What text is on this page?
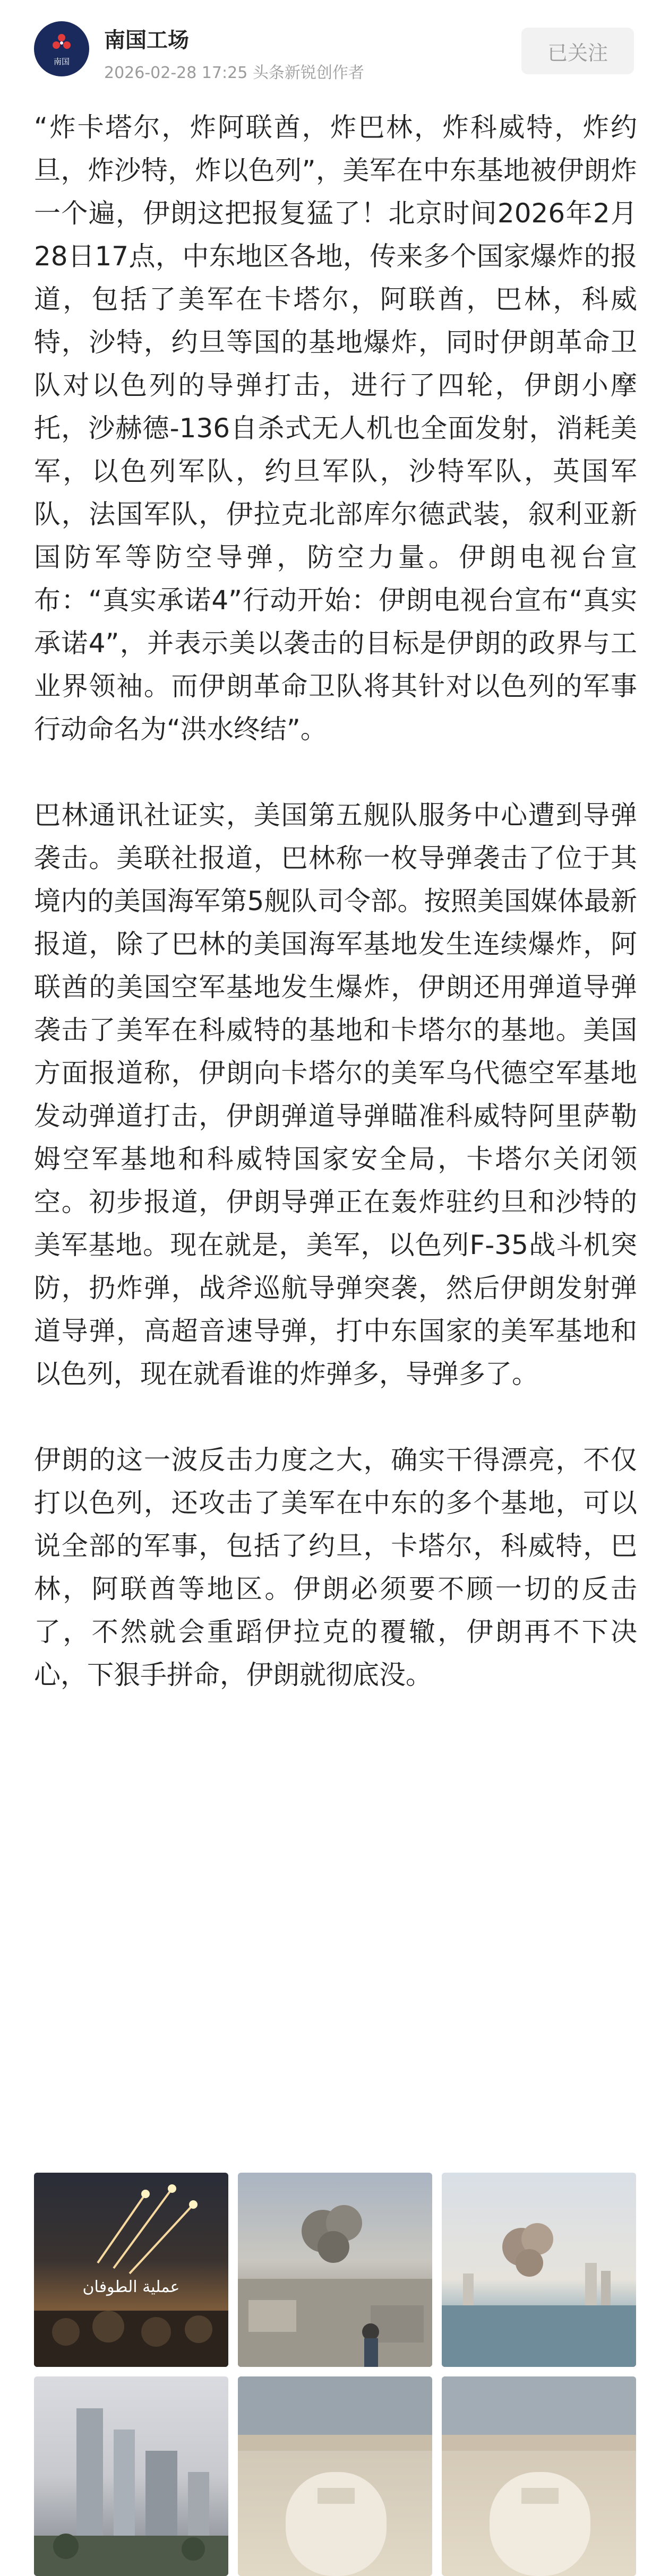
南国
南国工场
2026-02-28 17:25 头条新锐创作者
已关注

“炸卡塔尔，炸阿联酋，炸巴林，炸科威特，炸约旦，炸沙特，炸以色列”，美军在中东基地被伊朗炸一个遍，伊朗这把报复猛了！北京时间2026年2月28日17点，中东地区各地，传来多个国家爆炸的报道，包括了美军在卡塔尔，阿联酋，巴林，科威特，沙特，约旦等国的基地爆炸，同时伊朗革命卫队对以色列的导弹打击，进行了四轮，伊朗小摩托，沙赫德-136自杀式无人机也全面发射，消耗美军，以色列军队，约旦军队，沙特军队，英国军队，法国军队，伊拉克北部库尔德武装，叙利亚新国防军等防空导弹，防空力量。伊朗电视台宣布：“真实承诺4”行动开始：伊朗电视台宣布“真实承诺4”，并表示美以袭击的目标是伊朗的政界与工业界领袖。而伊朗革命卫队将其针对以色列的军事行动命名为“洪水终结”。

巴林通讯社证实，美国第五舰队服务中心遭到导弹袭击。美联社报道，巴林称一枚导弹袭击了位于其境内的美国海军第5舰队司令部。按照美国媒体最新报道，除了巴林的美国海军基地发生连续爆炸，阿联酋的美国空军基地发生爆炸，伊朗还用弹道导弹袭击了美军在科威特的基地和卡塔尔的基地。美国方面报道称，伊朗向卡塔尔的美军乌代德空军基地发动弹道打击，伊朗弹道导弹瞄准科威特阿里萨勒姆空军基地和科威特国家安全局，卡塔尔关闭领空。初步报道，伊朗导弹正在轰炸驻约旦和沙特的美军基地。现在就是，美军，以色列F-35战斗机突防，扔炸弹，战斧巡航导弹突袭，然后伊朗发射弹道导弹，高超音速导弹，打中东国家的美军基地和以色列，现在就看谁的炸弹多，导弹多了。

伊朗的这一波反击力度之大，确实干得漂亮，不仅打以色列，还攻击了美军在中东的多个基地，可以说全部的军事，包括了约旦，卡塔尔，科威特，巴林，阿联酋等地区。伊朗必须要不顾一切的反击了，不然就会重蹈伊拉克的覆辙，伊朗再不下决心，下狠手拼命，伊朗就彻底没。

عملية الطوفان
